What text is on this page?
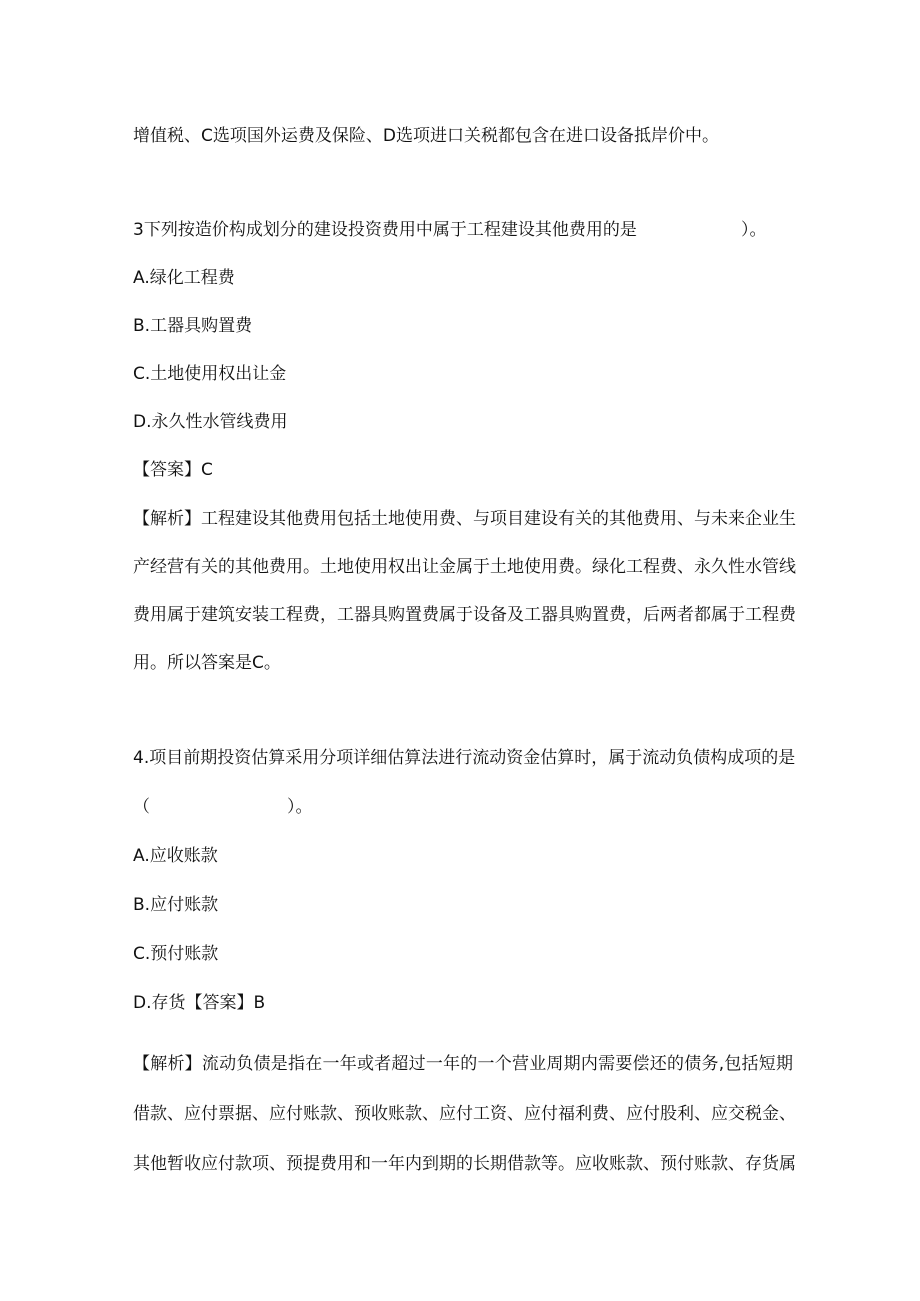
增值税、C选项国外运费及保险、D选项进口关税都包含在进口设备抵岸价中。
3下列按造价构成划分的建设投资费用中属于工程建设其他费用的是	）。
A.绿化工程费
B.工器具购置费
C.土地使用权出让金
D.永久性水管线费用
【答案】C
【解析】工程建设其他费用包括土地使用费、与项目建设有关的其他费用、与未来企业生
产经营有关的其他费用。土地使用权出让金属于土地使用费。绿化工程费、永久性水管线
费用属于建筑安装工程费，工器具购置费属于设备及工器具购置费，后两者都属于工程费
用。所以答案是C。
4.项目前期投资估算采用分项详细估算法进行流动资金估算时，属于流动负债构成项的是
（	）。
A.应收账款
B.应付账款
C.预付账款
D.存货【答案】B
【解析】流动负债是指在一年或者超过一年的一个营业周期内需要偿还的债务,包括短期
借款、应付票据、应付账款、预收账款、应付工资、应付福利费、应付股利、应交税金、
其他暂收应付款项、预提费用和一年内到期的长期借款等。应收账款、预付账款、存货属
